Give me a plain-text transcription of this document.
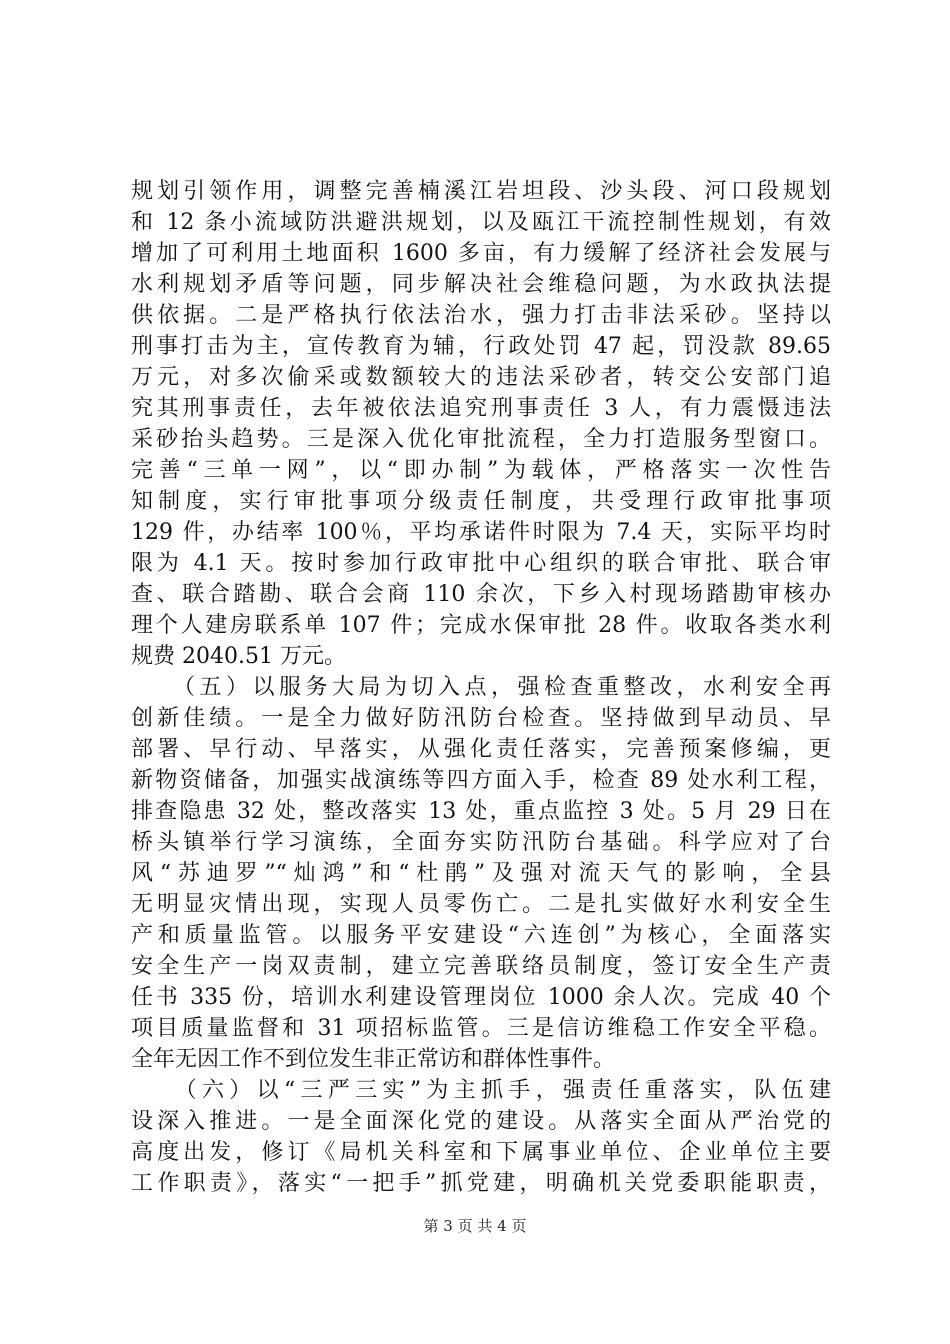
规划引领作用，调整完善楠溪江岩坦段、沙头段、河口段规划
和 12 条小流域防洪避洪规划，以及瓯江干流控制性规划，有效
增加了可利用土地面积 1600 多亩，有力缓解了经济社会发展与
水利规划矛盾等问题，同步解决社会维稳问题，为水政执法提
供依据。二是严格执行依法治水，强力打击非法采砂。坚持以
刑事打击为主，宣传教育为辅，行政处罚 47 起，罚没款 89.65
万元，对多次偷采或数额较大的违法采砂者，转交公安部门追
究其刑事责任，去年被依法追究刑事责任 3 人，有力震慑违法
采砂抬头趋势。三是深入优化审批流程，全力打造服务型窗口。
完善“三单一网”，以“即办制”为载体，严格落实一次性告
知制度，实行审批事项分级责任制度，共受理行政审批事项
129 件，办结率 100％，平均承诺件时限为 7.4 天，实际平均时
限为 4.1 天。按时参加行政审批中心组织的联合审批、联合审
查、联合踏勘、联合会商 110 余次，下乡入村现场踏勘审核办
理个人建房联系单 107 件；完成水保审批 28 件。收取各类水利
规费 2040.51 万元。
　　（五）以服务大局为切入点，强检查重整改，水利安全再
创新佳绩。一是全力做好防汛防台检查。坚持做到早动员、早
部署、早行动、早落实，从强化责任落实，完善预案修编，更
新物资储备，加强实战演练等四方面入手，检查 89 处水利工程，
排查隐患 32 处，整改落实 13 处，重点监控 3 处。5 月 29 日在
桥头镇举行学习演练，全面夯实防汛防台基础。科学应对了台
风“苏迪罗”“灿鸿”和“杜鹃”及强对流天气的影响，全县
无明显灾情出现，实现人员零伤亡。二是扎实做好水利安全生
产和质量监管。以服务平安建设“六连创”为核心，全面落实
安全生产一岗双责制，建立完善联络员制度，签订安全生产责
任书 335 份，培训水利建设管理岗位 1000 余人次。完成 40 个
项目质量监督和 31 项招标监管。三是信访维稳工作安全平稳。
全年无因工作不到位发生非正常访和群体性事件。
　　（六）以“三严三实”为主抓手，强责任重落实，队伍建
设深入推进。一是全面深化党的建设。从落实全面从严治党的
高度出发，修订《局机关科室和下属事业单位、企业单位主要
工作职责》，落实“一把手”抓党建，明确机关党委职能职责，
第 3 页 共 4 页
